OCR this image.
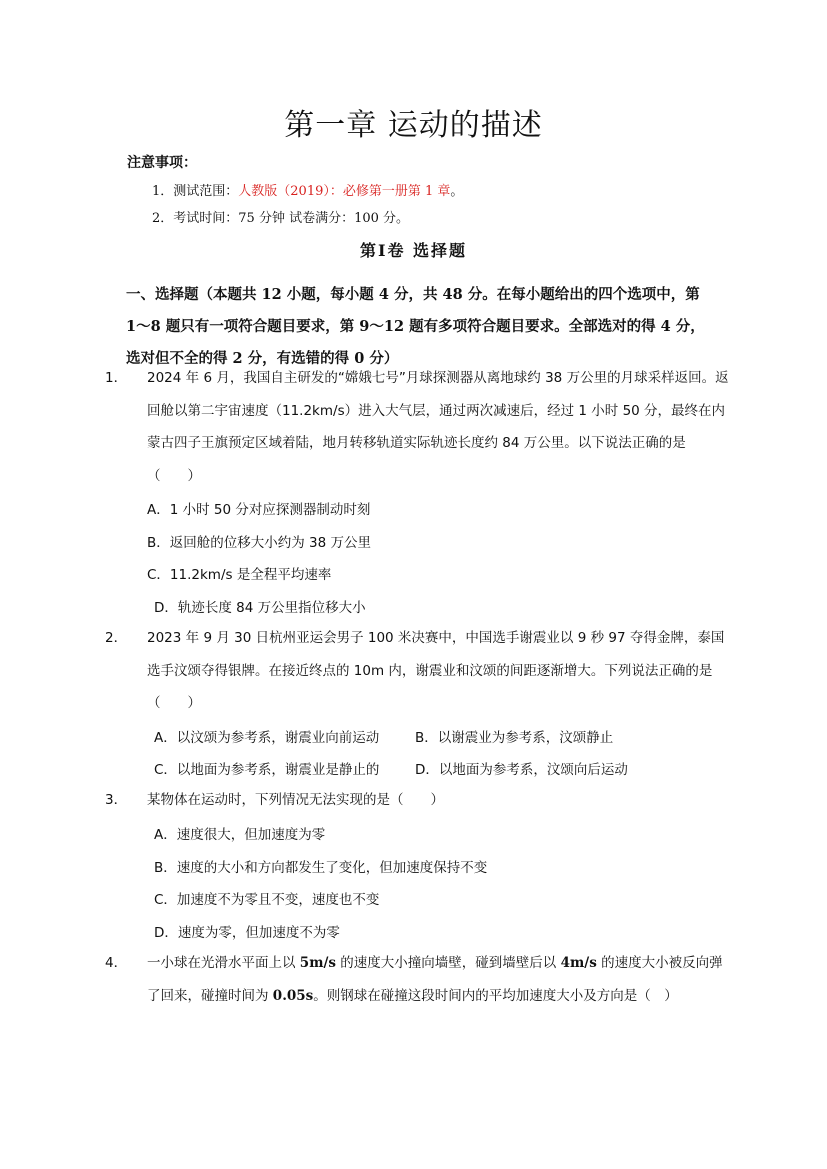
第一章 运动的描述
注意事项：
1．测试范围：人教版（2019）：必修第一册第 1 章。
2．考试时间：75 分钟 试卷满分：100 分。
第Ⅰ卷 选择题
一、选择题（本题共 12 小题，每小题 4 分，共 48 分。在每小题给出的四个选项中，第 1～8 题只有一项符合题目要求，第 9～12 题有多项符合题目要求。全部选对的得 4 分，选对但不全的得 2 分，有选错的得 0 分）
1． 2024 年 6 月，我国自主研发的“嫦娥七号”月球探测器从离地球约 38 万公里的月球采样返回。返回舱以第二宇宙速度（11.2km/s）进入大气层，通过两次减速后，经过 1 小时 50 分，最终在内蒙古四子王旗预定区域着陆，地月转移轨道实际轨迹长度约 84 万公里。以下说法正确的是（　　）
A．1 小时 50 分对应探测器制动时刻
B．返回舱的位移大小约为 38 万公里
C．11.2km/s 是全程平均速率
D．轨迹长度 84 万公里指位移大小
2． 2023 年 9 月 30 日杭州亚运会男子 100 米决赛中，中国选手谢震业以 9 秒 97 夺得金牌，泰国选手汶颂夺得银牌。在接近终点的 10m 内，谢震业和汶颂的间距逐渐增大。下列说法正确的是（　　）
A．以汶颂为参考系，谢震业向前运动	B．以谢震业为参考系，汶颂静止
C．以地面为参考系，谢震业是静止的	D．以地面为参考系，汶颂向后运动
3． 某物体在运动时，下列情况无法实现的是（　　）
A．速度很大，但加速度为零
B．速度的大小和方向都发生了变化，但加速度保持不变
C．加速度不为零且不变，速度也不变
D．速度为零，但加速度不为零
4． 一小球在光滑水平面上以 5m/s 的速度大小撞向墙壁，碰到墙壁后以 4m/s 的速度大小被反向弹了回来，碰撞时间为 0.05s。则钢球在碰撞这段时间内的平均加速度大小及方向是（　）
